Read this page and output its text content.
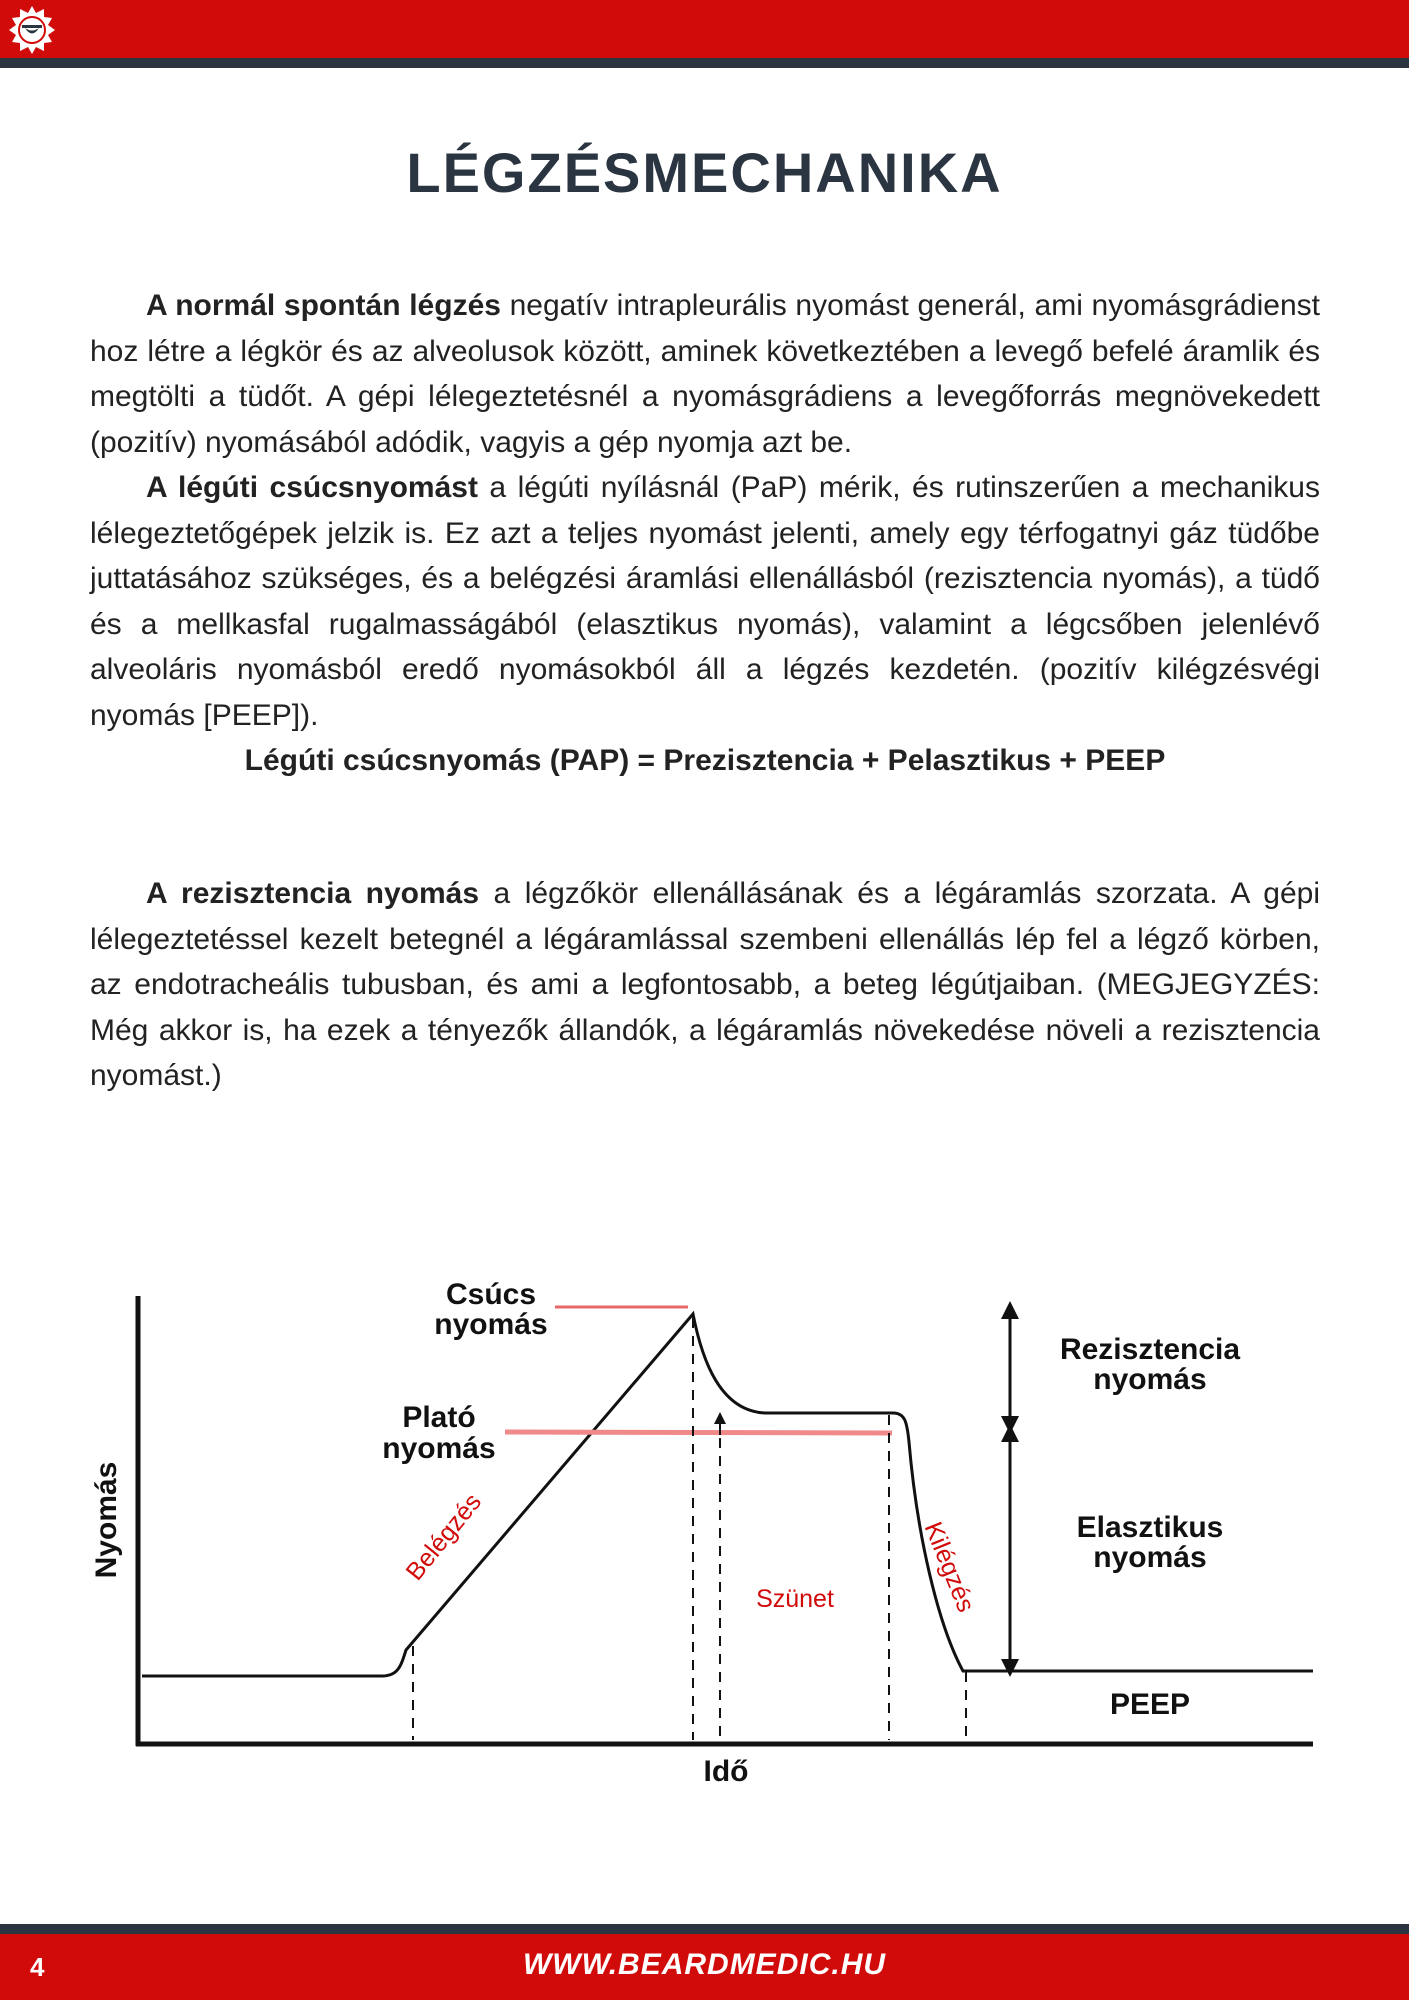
LÉGZÉSMECHANIKA

A normál spontán légzés negatív intrapleurális nyomást generál, ami nyomásgrádienst hoz létre a légkör és az alveolusok között, aminek következtében a levegő befelé áramlik és megtölti a tüdőt. A gépi lélegeztetésnél a nyomásgrádiens a levegőforrás megnövekedett (pozitív) nyomásából adódik, vagyis a gép nyomja azt be.

A légúti csúcsnyomást a légúti nyílásnál (PaP) mérik, és rutinszerűen a mechanikus lélegeztetőgépek jelzik is. Ez azt a teljes nyomást jelenti, amely egy térfogatnyi gáz tüdőbe juttatásához szükséges, és a belégzési áramlási ellenállásból (rezisztencia nyomás), a tüdő és a mellkasfal rugalmasságából (elasztikus nyomás), valamint a légcsőben jelenlévő alveoláris nyomásból eredő nyomásokból áll a légzés kezdetén. (pozitív kilégzésvégi nyomás [PEEP]).

Légúti csúcsnyomás (PAP) = Prezisztencia + Pelasztikus + PEEP

A rezisztencia nyomás a légzőkör ellenállásának és a légáramlás szorzata. A gépi lélegeztetéssel kezelt betegnél a légáramlással szembeni ellenállás lép fel a légző körben, az endotracheális tubusban, és ami a legfontosabb, a beteg légútjaiban. (MEGJEGYZÉS: Még akkor is, ha ezek a tényezők állandók, a légáramlás növekedése növeli a rezisztencia nyomást.)

Csúcs
nyomás
Plató
nyomás
Rezisztencia
nyomás
Elasztikus
nyomás
PEEP
Idő
Nyomás	Belégzés
Szünet	Kilégzés
4	WWW.BEARDMEDIC.HU
